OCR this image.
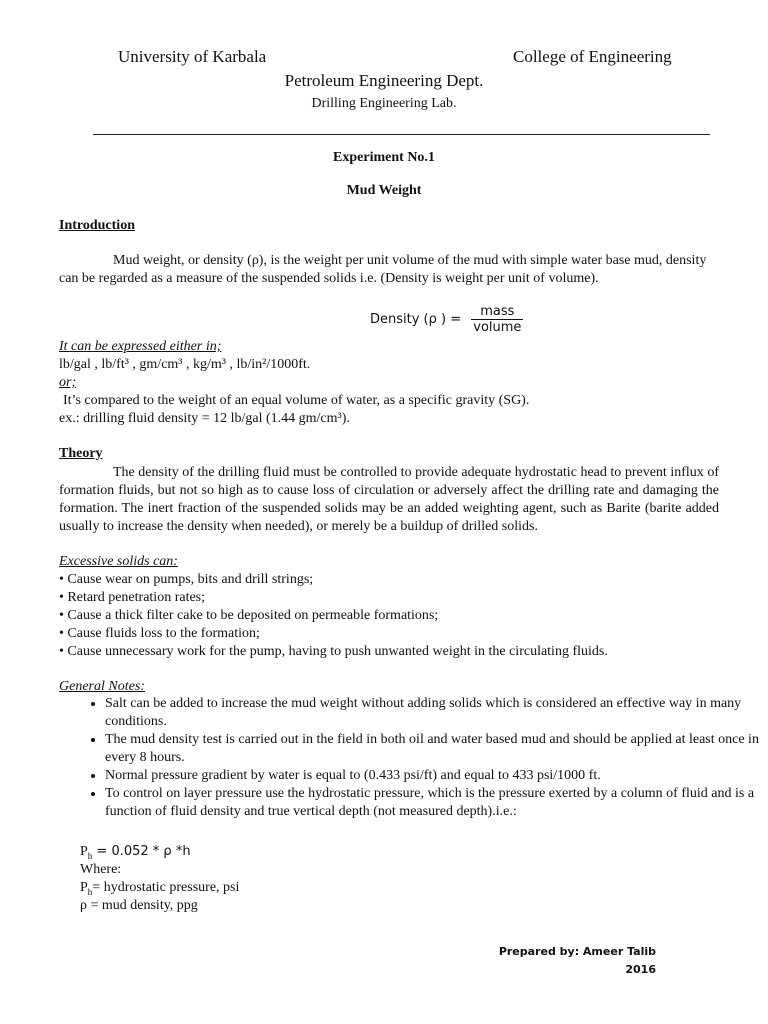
University of Karbala	College of Engineering
Petroleum Engineering Dept.
Drilling Engineering Lab.
Experiment No.1
Mud Weight
Introduction
Mud weight, or density (ρ), is the weight per unit volume of the mud with simple water base mud, density can be regarded as a measure of the suspended solids i.e. (Density is weight per unit of volume).
Density (ρ ) = $\frac{\text{mass}}{\text{volume}}$
It can be expressed either in;
lb/gal , lb/ft³ , gm/cm³ , kg/m³ , lb/in²/1000ft.
or;
It’s compared to the weight of an equal volume of water, as a specific gravity (SG).
ex.: drilling fluid density = 12 lb/gal (1.44 gm/cm³).
Theory
The density of the drilling fluid must be controlled to provide adequate hydrostatic head to prevent influx of formation fluids, but not so high as to cause loss of circulation or adversely affect the drilling rate and damaging the formation. The inert fraction of the suspended solids may be an added weighting agent, such as Barite (barite added usually to increase the density when needed), or merely be a buildup of drilled solids.
Excessive solids can:
• Cause wear on pumps, bits and drill strings;
• Retard penetration rates;
• Cause a thick filter cake to be deposited on permeable formations;
• Cause fluids loss to the formation;
• Cause unnecessary work for the pump, having to push unwanted weight in the circulating fluids.
General Notes:
• Salt can be added to increase the mud weight without adding solids which is considered an effective way in many conditions.
• The mud density test is carried out in the field in both oil and water based mud and should be applied at least once in every 8 hours.
• Normal pressure gradient by water is equal to (0.433 psi/ft) and equal to 433 psi/1000 ft.
• To control on layer pressure use the hydrostatic pressure, which is the pressure exerted by a column of fluid and is a function of fluid density and true vertical depth (not measured depth).i.e.:
$P_h = 0.052 * \rho$ *h
Where:
$P_h=$ hydrostatic pressure, psi
ρ = mud density, ppg
Prepared by: Ameer Talib
2016
